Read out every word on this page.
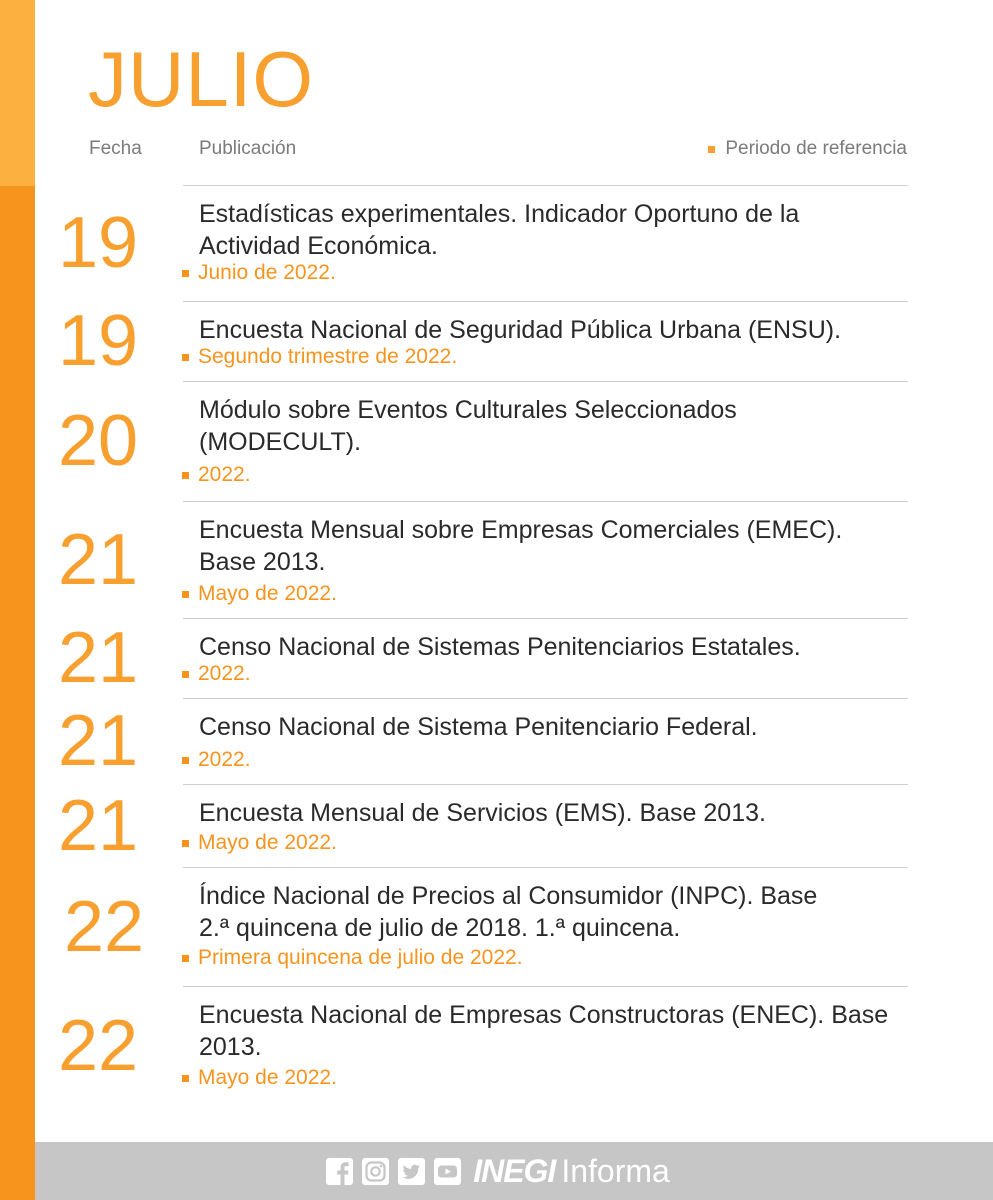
JULIO
Fecha	Publicación	Periodo de referencia
19 Estadísticas experimentales. Indicador Oportuno de la Actividad Económica.
Junio de 2022.
19 Encuesta Nacional de Seguridad Pública Urbana (ENSU).
Segundo trimestre de 2022.
20 Módulo sobre Eventos Culturales Seleccionados (MODECULT).
2022.
21 Encuesta Mensual sobre Empresas Comerciales (EMEC). Base 2013.
Mayo de 2022.
21 Censo Nacional de Sistemas Penitenciarios Estatales.
2022.
21 Censo Nacional de Sistema Penitenciario Federal.
2022.
21 Encuesta Mensual de Servicios (EMS). Base 2013.
Mayo de 2022.
22 Índice Nacional de Precios al Consumidor (INPC). Base 2.ª quincena de julio de 2018. 1.ª quincena.
Primera quincena de julio de 2022.
22 Encuesta Nacional de Empresas Constructoras (ENEC). Base 2013.
Mayo de 2022.
INEGI Informa
